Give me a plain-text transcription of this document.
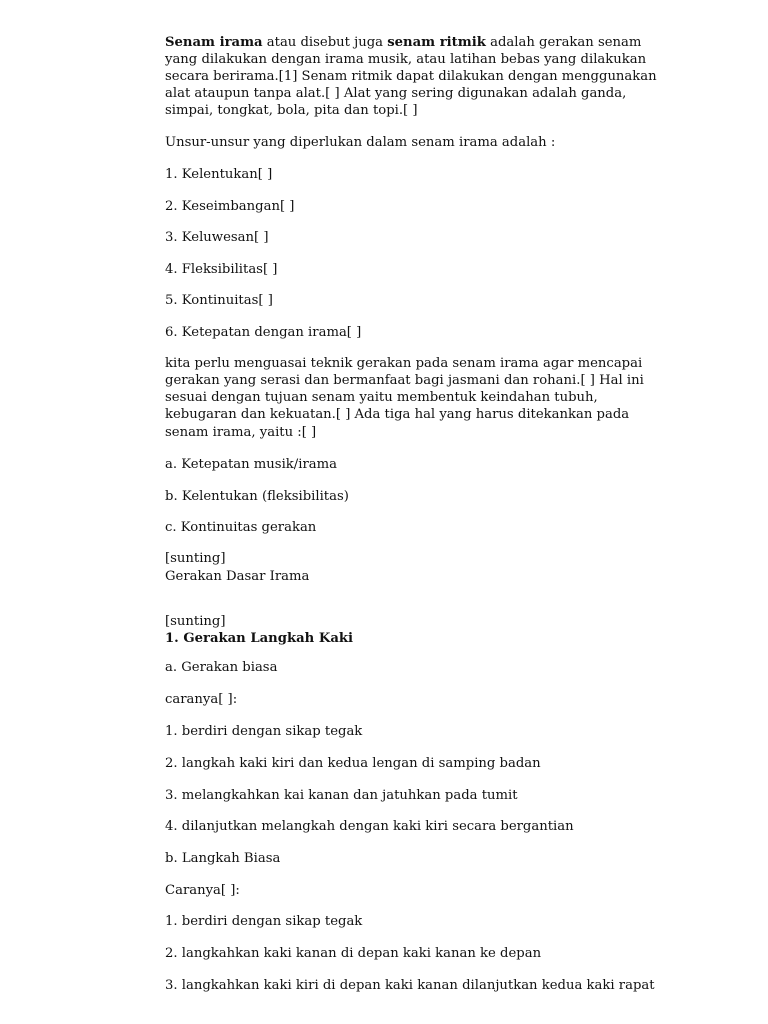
Senam irama atau disebut juga senam ritmik adalah gerakan senam
yang dilakukan dengan irama musik, atau latihan bebas yang dilakukan
secara berirama.[1] Senam ritmik dapat dilakukan dengan menggunakan
alat ataupun tanpa alat.[ ] Alat yang sering digunakan adalah ganda,
simpai, tongkat, bola, pita dan topi.[ ]
Unsur-unsur yang diperlukan dalam senam irama adalah :
1. Kelentukan[ ]
2. Keseimbangan[ ]
3. Keluwesan[ ]
4. Fleksibilitas[ ]
5. Kontinuitas[ ]
6. Ketepatan dengan irama[ ]
kita perlu menguasai teknik gerakan pada senam irama agar mencapai
gerakan yang serasi dan bermanfaat bagi jasmani dan rohani.[ ] Hal ini
sesuai dengan tujuan senam yaitu membentuk keindahan tubuh,
kebugaran dan kekuatan.[ ] Ada tiga hal yang harus ditekankan pada
senam irama, yaitu :[ ]
a. Ketepatan musik/irama
b. Kelentukan (fleksibilitas)
c. Kontinuitas gerakan
[sunting]
Gerakan Dasar Irama
[sunting]
1. Gerakan Langkah Kaki
a. Gerakan biasa
caranya[ ]:
1. berdiri dengan sikap tegak
2. langkah kaki kiri dan kedua lengan di samping badan
3. melangkahkan kai kanan dan jatuhkan pada tumit
4. dilanjutkan melangkah dengan kaki kiri secara bergantian
b. Langkah Biasa
Caranya[ ]:
1. berdiri dengan sikap tegak
2. langkahkan kaki kanan di depan kaki kanan ke depan
3. langkahkan kaki kiri di depan kaki kanan dilanjutkan kedua kaki rapat
